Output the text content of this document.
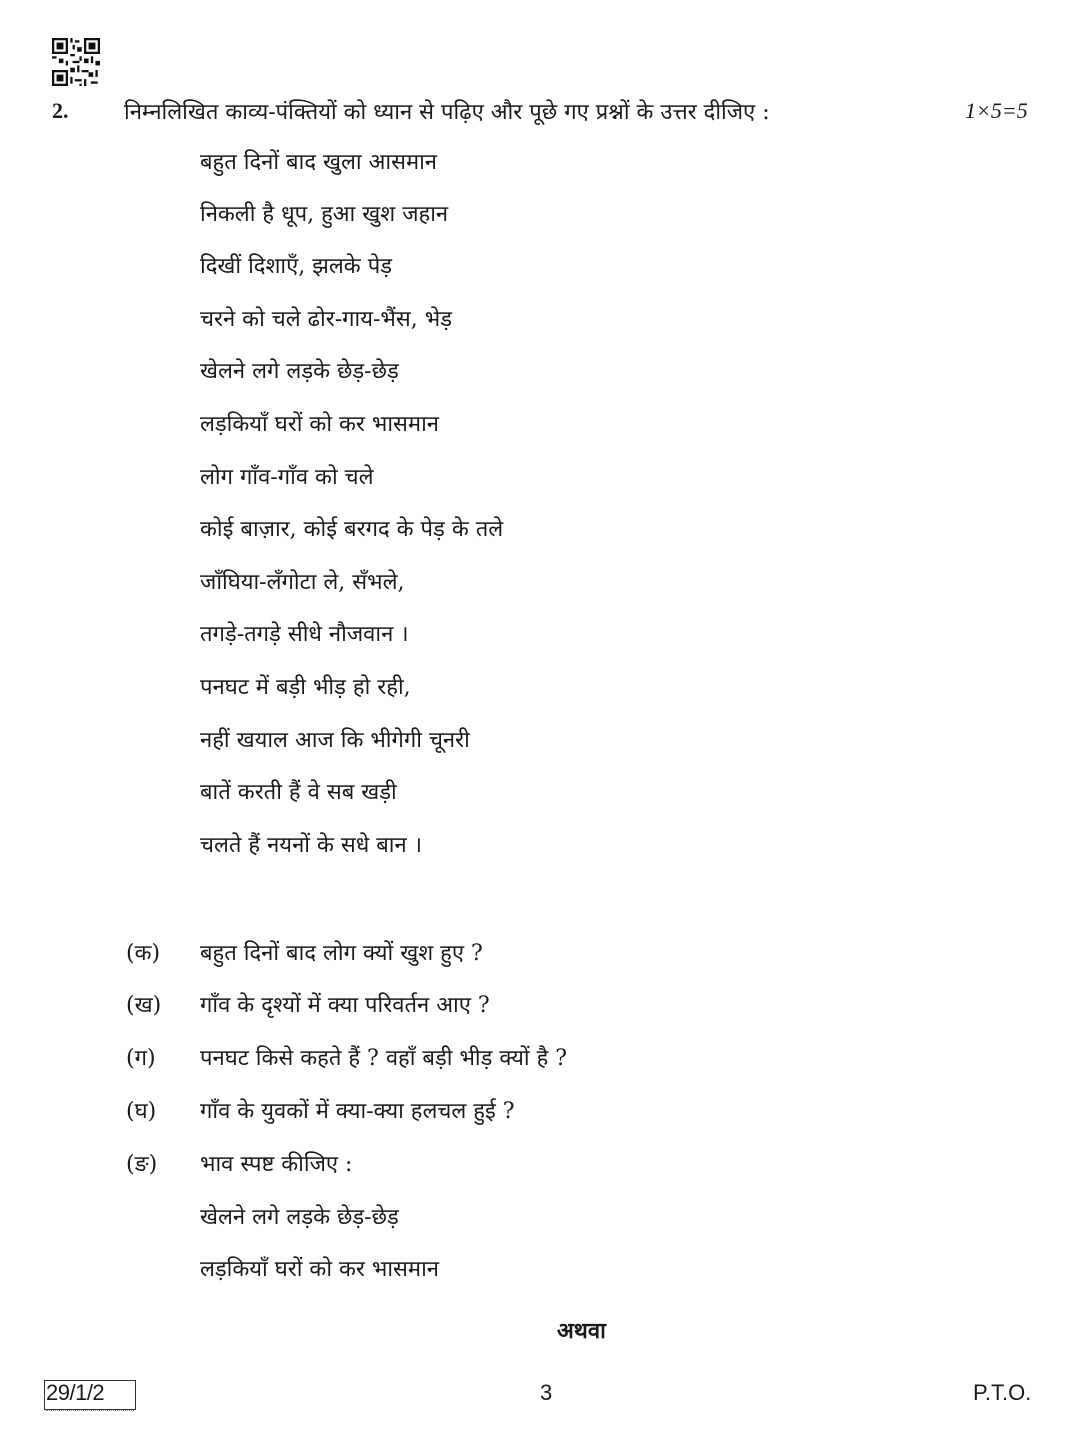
2.	निम्नलिखित काव्य-पंक्तियों को ध्यान से पढ़िए और पूछे गए प्रश्नों के उत्तर दीजिए :	1×5=5
बहुत दिनों बाद खुला आसमान
निकली है धूप, हुआ खुश जहान
दिखीं दिशाएँ, झलके पेड़
चरने को चले ढोर-गाय-भैंस, भेड़
खेलने लगे लड़के छेड़-छेड़
लड़कियाँ घरों को कर भासमान
लोग गाँव-गाँव को चले
कोई बाज़ार, कोई बरगद के पेड़ के तले
जाँघिया-लँगोटा ले, सँभले,
तगड़े-तगड़े सीधे नौजवान ।
पनघट में बड़ी भीड़ हो रही,
नहीं खयाल आज कि भीगेगी चूनरी
बातें करती हैं वे सब खड़ी
चलते हैं नयनों के सधे बान ।
(क) बहुत दिनों बाद लोग क्यों खुश हुए ?
(ख) गाँव के दृश्यों में क्या परिवर्तन आए ?
(ग) पनघट किसे कहते हैं ? वहाँ बड़ी भीड़ क्यों है ?
(घ) गाँव के युवकों में क्या-क्या हलचल हुई ?
(ङ) भाव स्पष्ट कीजिए :
खेलने लगे लड़के छेड़-छेड़
लड़कियाँ घरों को कर भासमान
अथवा
29/1/2	3	P.T.O.
